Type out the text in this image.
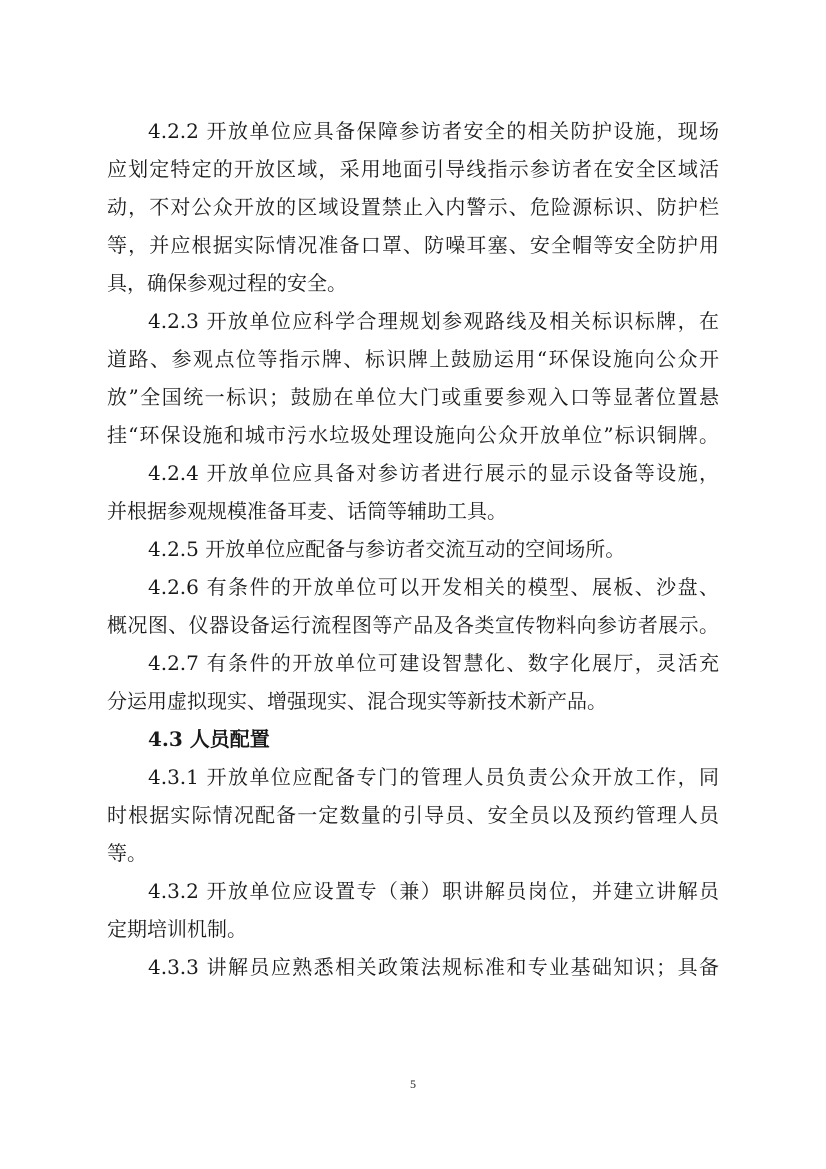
4.2.2 开放单位应具备保障参访者安全的相关防护设施，现场
应划定特定的开放区域，采用地面引导线指示参访者在安全区域活
动，不对公众开放的区域设置禁止入内警示、危险源标识、防护栏
等，并应根据实际情况准备口罩、防噪耳塞、安全帽等安全防护用
具，确保参观过程的安全。
4.2.3 开放单位应科学合理规划参观路线及相关标识标牌，在
道路、参观点位等指示牌、标识牌上鼓励运用“环保设施向公众开
放”全国统一标识；鼓励在单位大门或重要参观入口等显著位置悬
挂“环保设施和城市污水垃圾处理设施向公众开放单位”标识铜牌。
4.2.4 开放单位应具备对参访者进行展示的显示设备等设施，
并根据参观规模准备耳麦、话筒等辅助工具。
4.2.5 开放单位应配备与参访者交流互动的空间场所。
4.2.6 有条件的开放单位可以开发相关的模型、展板、沙盘、
概况图、仪器设备运行流程图等产品及各类宣传物料向参访者展示。
4.2.7 有条件的开放单位可建设智慧化、数字化展厅，灵活充
分运用虚拟现实、增强现实、混合现实等新技术新产品。
4.3 人员配置
4.3.1 开放单位应配备专门的管理人员负责公众开放工作，同
时根据实际情况配备一定数量的引导员、安全员以及预约管理人员
等。
4.3.2 开放单位应设置专（兼）职讲解员岗位，并建立讲解员
定期培训机制。
4.3.3 讲解员应熟悉相关政策法规标准和专业基础知识；具备
5
